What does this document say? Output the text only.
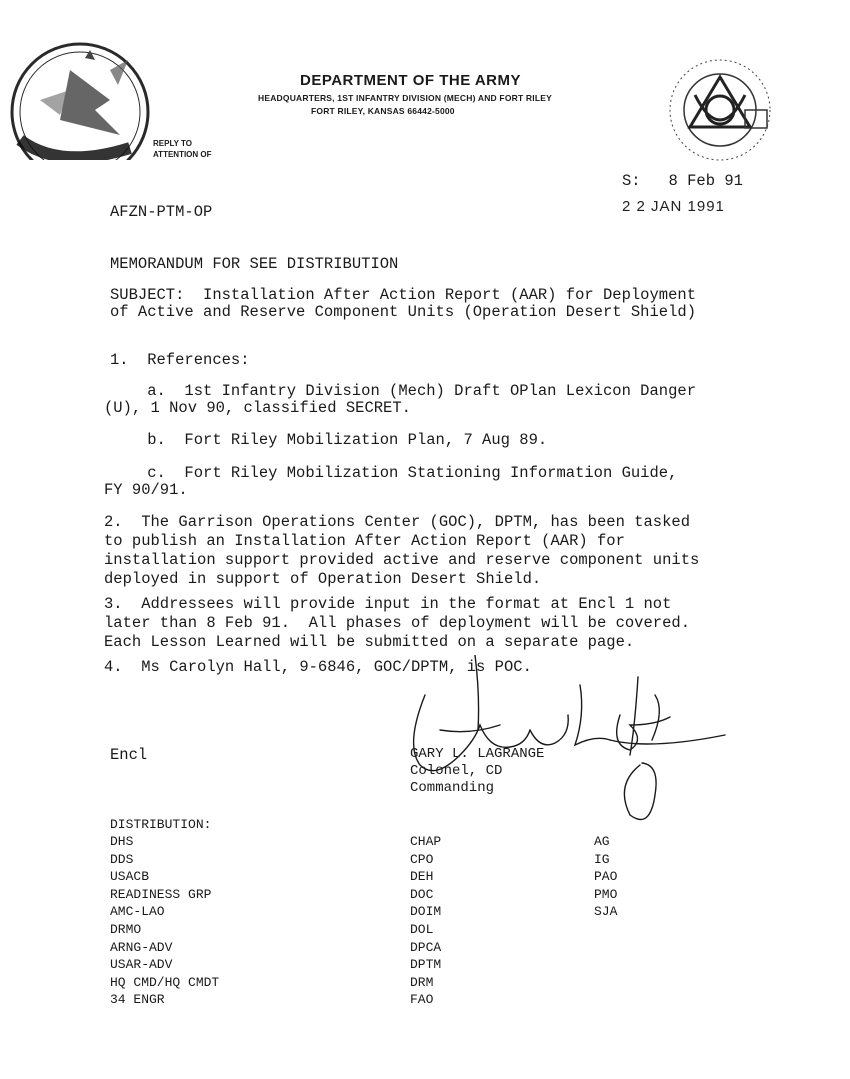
DEPARTMENT OF THE ARMY
HEADQUARTERS, 1ST INFANTRY DIVISION (MECH) AND FORT RILEY
FORT RILEY, KANSAS 66442-5000
REPLY TO
ATTENTION OF
S:   8 Feb 91
2 2 JAN 1991
AFZN-PTM-OP
MEMORANDUM FOR SEE DISTRIBUTION
SUBJECT:  Installation After Action Report (AAR) for Deployment
of Active and Reserve Component Units (Operation Desert Shield)
1.  References:
a.  1st Infantry Division (Mech) Draft OPlan Lexicon Danger
(U), 1 Nov 90, classified SECRET.
b.  Fort Riley Mobilization Plan, 7 Aug 89.
c.  Fort Riley Mobilization Stationing Information Guide,
FY 90/91.
2.  The Garrison Operations Center (GOC), DPTM, has been tasked
to publish an Installation After Action Report (AAR) for
installation support provided active and reserve component units
deployed in support of Operation Desert Shield.
3.  Addressees will provide input in the format at Encl 1 not
later than 8 Feb 91.  All phases of deployment will be covered.
Each Lesson Learned will be submitted on a separate page.
4.  Ms Carolyn Hall, 9-6846, GOC/DPTM, is POC.
Encl	GARY L. LAGRANGE
Colonel, CD
Commanding
DISTRIBUTION:
DHS
DDS
USACB
READINESS GRP
AMC-LAO
DRMO
ARNG-ADV
USAR-ADV
HQ CMD/HQ CMDT
34 ENGR
CHAP
CPO
DEH
DOC
DOIM
DOL
DPCA
DPTM
DRM
FAO
AG
IG
PAO
PMO
SJA
